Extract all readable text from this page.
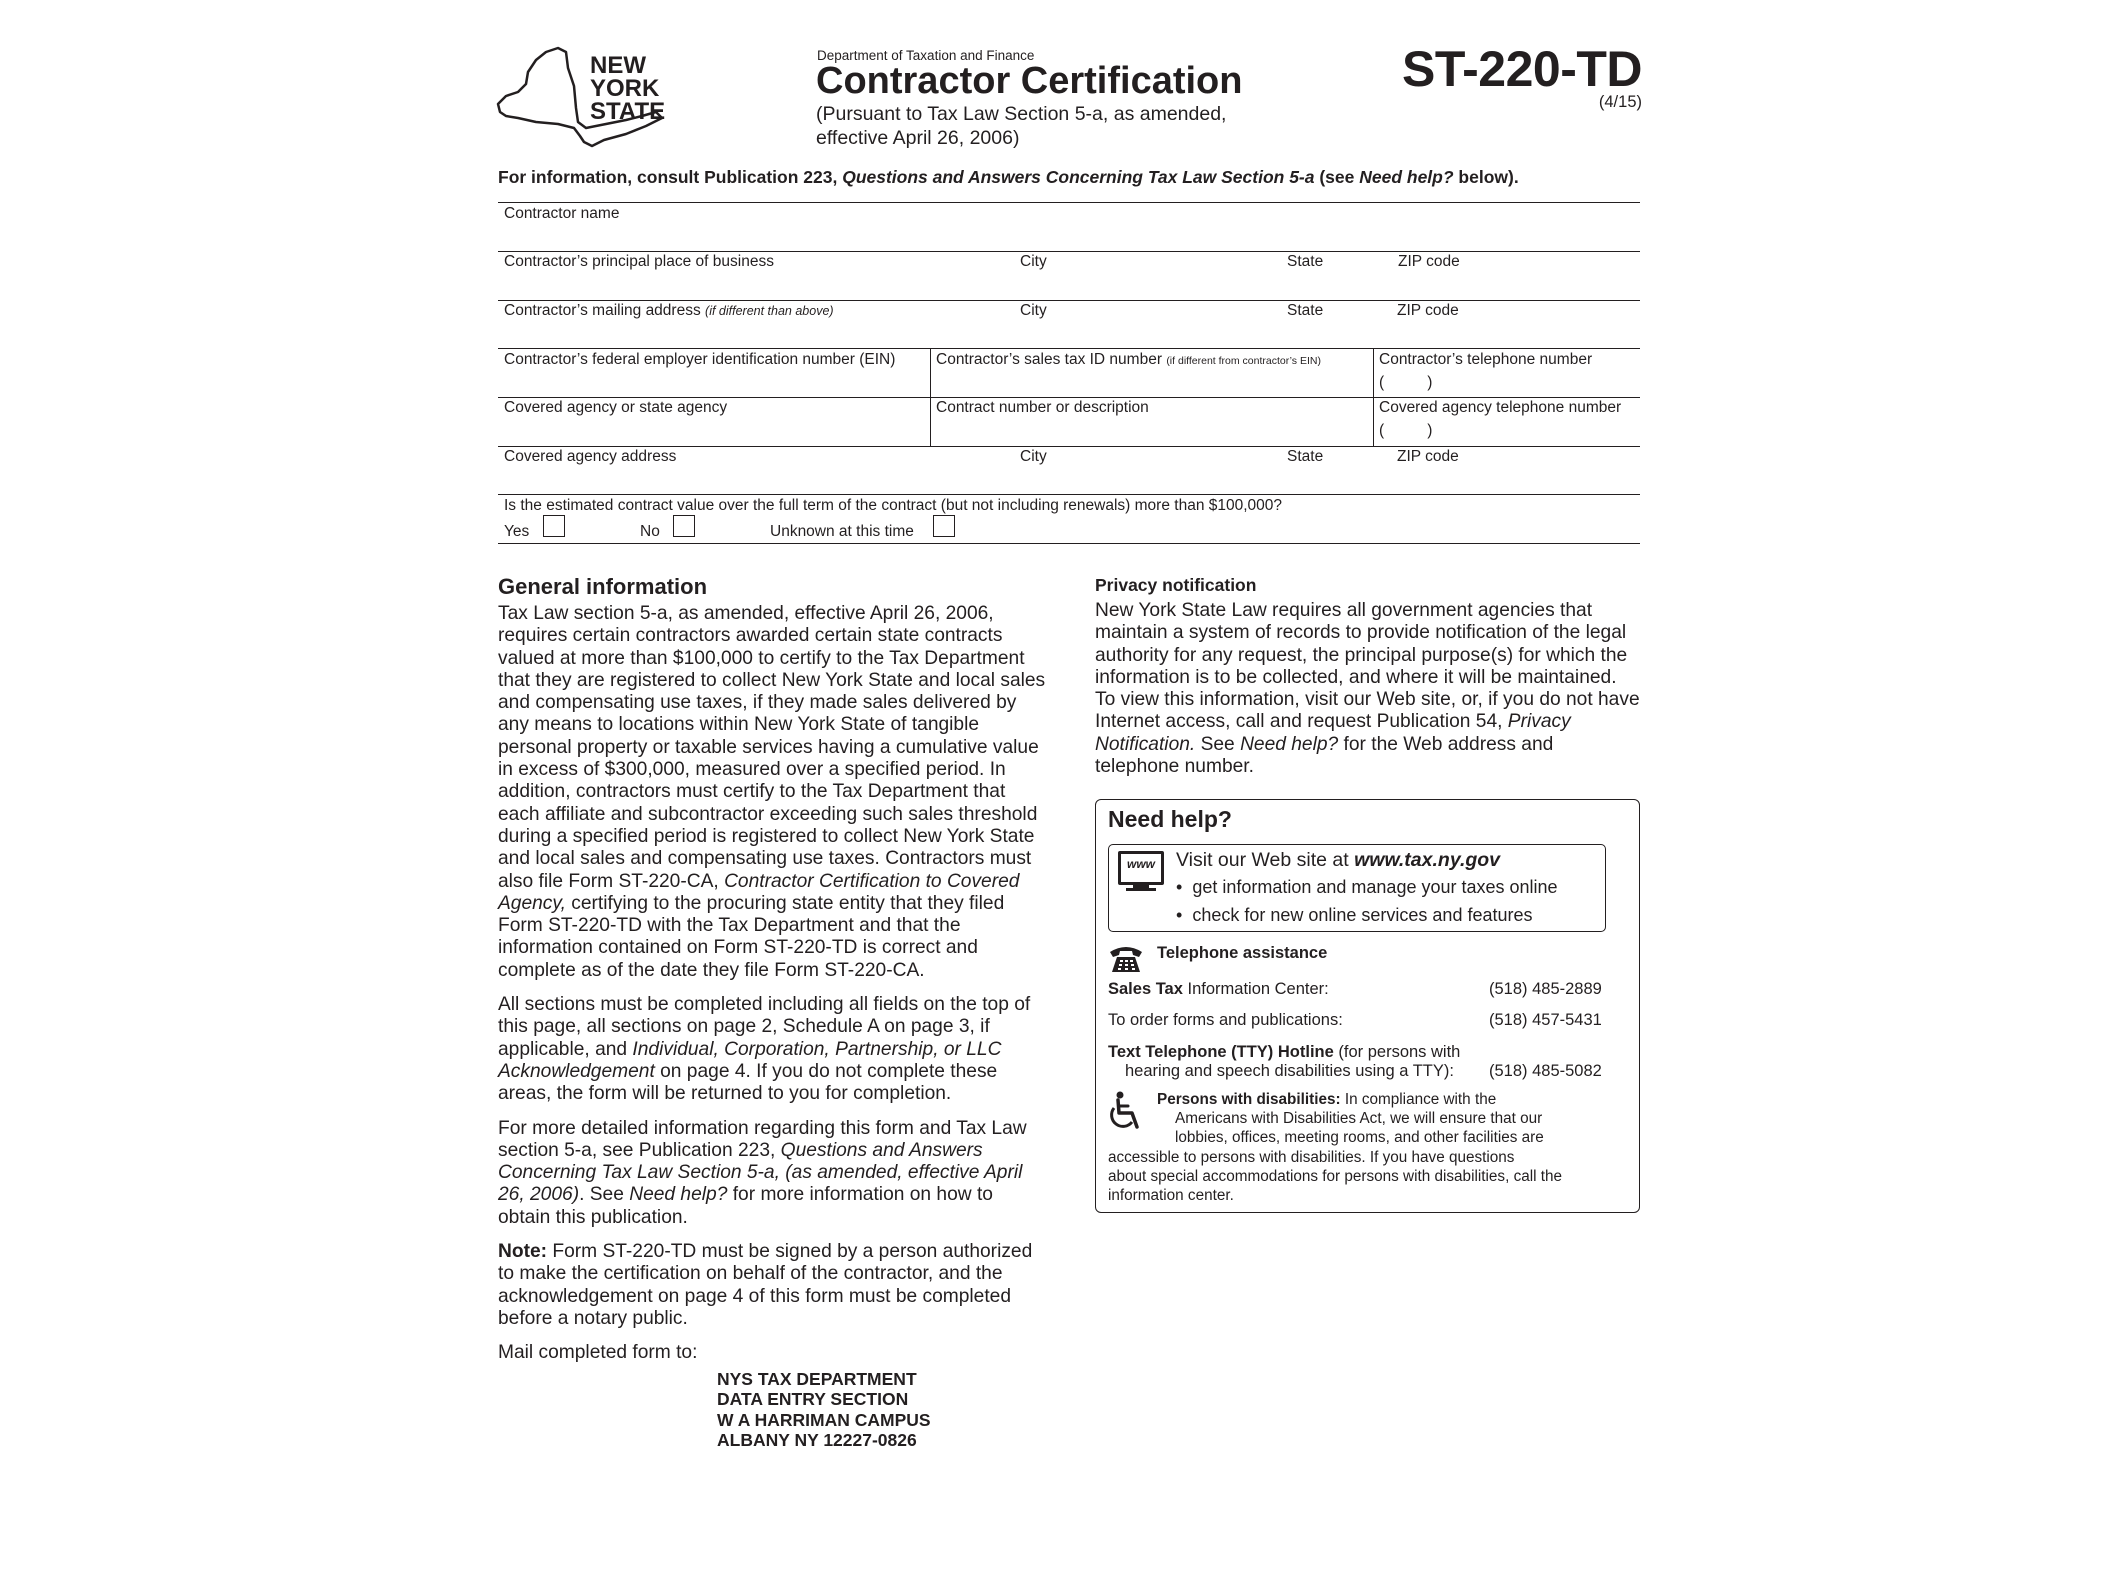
NEW
YORK
STATE
Department of Taxation and Finance
Contractor Certification
(Pursuant to Tax Law Section 5-a, as amended,
effective April 26, 2006)
ST-220-TD
(4/15)
For information, consult Publication 223, Questions and Answers Concerning Tax Law Section 5-a (see Need help? below).
Contractor name
Contractor’s principal place of business	City	State	ZIP code
Contractor’s mailing address (if different than above)	City	State	ZIP code
Contractor’s federal employer identification number (EIN)	Contractor’s sales tax ID number (if different from contractor’s EIN)	Contractor’s telephone number
(          )
Covered agency or state agency	Contract number or description	Covered agency telephone number
(          )
Covered agency address	City	State	ZIP code
Is the estimated contract value over the full term of the contract (but not including renewals) more than $100,000?
Yes	No	Unknown at this time
General information

Tax Law section 5-a, as amended, effective April 26, 2006, requires certain contractors awarded certain state contracts valued at more than $100,000 to certify to the Tax Department that they are registered to collect New York State and local sales and compensating use taxes, if they made sales delivered by any means to locations within New York State of tangible personal property or taxable services having a cumulative value in excess of $300,000, measured over a specified period. In addition, contractors must certify to the Tax Department that each affiliate and subcontractor exceeding such sales threshold during a specified period is registered to collect New York State and local sales and compensating use taxes. Contractors must also file Form ST-220-CA, Contractor Certification to Covered Agency, certifying to the procuring state entity that they filed Form ST-220-TD with the Tax Department and that the information contained on Form ST-220-TD is correct and complete as of the date they file Form ST-220-CA.

All sections must be completed including all fields on the top of this page, all sections on page 2, Schedule A on page 3, if applicable, and Individual, Corporation, Partnership, or LLC Acknowledgement on page 4. If you do not complete these areas, the form will be returned to you for completion.

For more detailed information regarding this form and Tax Law section 5-a, see Publication 223, Questions and Answers Concerning Tax Law Section 5-a, (as amended, effective April 26, 2006). See Need help? for more information on how to obtain this publication.

Note: Form ST-220-TD must be signed by a person authorized to make the certification on behalf of the contractor, and the acknowledgement on page 4 of this form must be completed before a notary public.

Mail completed form to:

NYS TAX DEPARTMENT
DATA ENTRY SECTION
W A HARRIMAN CAMPUS
ALBANY NY 12227-0826
Privacy notification
New York State Law requires all government agencies that maintain a system of records to provide notification of the legal authority for any request, the principal purpose(s) for which the information is to be collected, and where it will be maintained. To view this information, visit our Web site, or, if you do not have Internet access, call and request Publication 54, Privacy Notification. See Need help? for the Web address and telephone number.
Need help?
www Visit our Web site at www.tax.ny.gov
•  get information and manage your taxes online
•  check for new online services and features
Telephone assistance
Sales Tax Information Center:	(518) 485-2889
To order forms and publications:	(518) 457-5431
Text Telephone (TTY) Hotline (for persons with
hearing and speech disabilities using a TTY): (518) 485-5082
Persons with disabilities: In compliance with the
Americans with Disabilities Act, we will ensure that our
lobbies, offices, meeting rooms, and other facilities are
accessible to persons with disabilities. If you have questions
about special accommodations for persons with disabilities, call the
information center.
